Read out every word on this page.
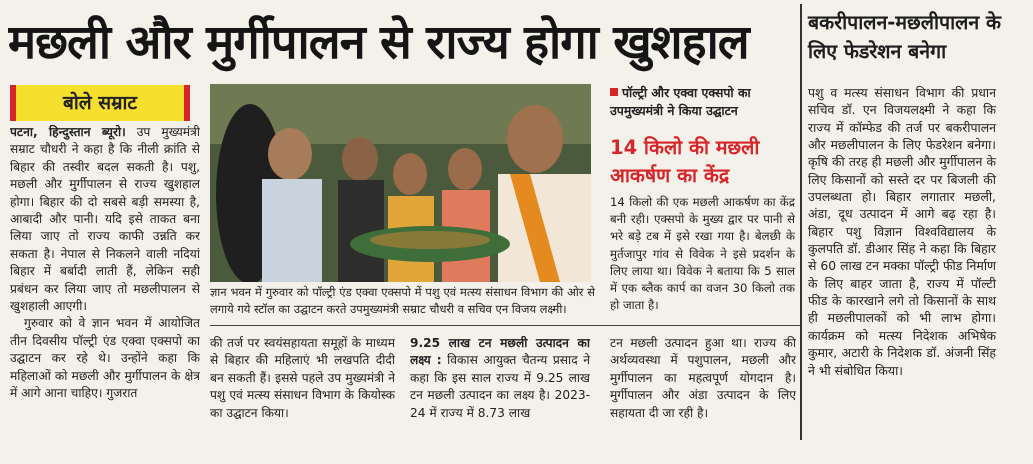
मछली और मुर्गीपालन से राज्य होगा खुशहाल	बकरीपालन-मछलीपालन के लिए फेडरेशन बनेगा
पशु व मत्स्य संसाधन विभाग की प्रधान सचिव डॉ. एन विजयलक्ष्मी ने कहा कि राज्य में कॉम्फेड की तर्ज पर बकरीपालन और मछलीपालन के लिए फेडरेशन बनेगा। कृषि की तरह ही मछली और मुर्गीपालन के लिए किसानों को सस्ते दर पर बिजली की उपलब्धता हो। बिहार लगातार मछली, अंडा, दूध उत्पादन में आगे बढ़ रहा है। बिहार पशु विज्ञान विश्वविद्यालय के कुलपति डॉ. डीआर सिंह ने कहा कि बिहार से 60 लाख टन मक्का पॉल्ट्री फीड निर्माण के लिए बाहर जाता है, राज्य में पॉल्टी फीड के कारखाने लगे तो किसानों के साथ ही मछलीपालकों को भी लाभ होगा। कार्यक्रम को मत्स्य निदेशक अभिषेक कुमार, अटारी के निदेशक डॉ. अंजनी सिंह ने भी संबोधित किया।
बोले सम्राट
पटना, हिन्दुस्तान ब्यूरो। उप मुख्यमंत्री सम्राट चौधरी ने कहा है कि नीली क्रांति से बिहार की तस्वीर बदल सकती है। पशु, मछली और मुर्गीपालन से राज्य खुशहाल होगा। बिहार की दो सबसे बड़ी समस्या है, आबादी और पानी। यदि इसे ताकत बना लिया जाए तो राज्य काफी उन्नति कर सकता है। नेपाल से निकलने वाली नदियां बिहार में बर्बादी लाती हैं, लेकिन सही प्रबंधन कर लिया जाए तो मछलीपालन से खुशहाली आएगी।
गुरुवार को वे ज्ञान भवन में आयोजित तीन दिवसीय पॉल्ट्री एंड एक्वा एक्सपो का उद्घाटन कर रहे थे। उन्होंने कहा कि महिलाओं को मछली और मुर्गीपालन के क्षेत्र में आगे आना चाहिए। गुजरात
ज्ञान भवन में गुरुवार को पॉल्ट्री एंड एक्वा एक्सपो में पशु एवं मत्स्य संसाधन विभाग की ओर से लगाये गये स्टॉल का उद्घाटन करते उपमुख्यमंत्री सम्राट चौधरी व सचिव एन विजय लक्ष्मी।
पॉल्ट्री और एक्वा एक्सपो का उपमुख्यमंत्री ने किया उद्घाटन
14 किलो की मछली आकर्षण का केंद्र
14 किलो की एक मछली आकर्षण का केंद्र बनी रही। एक्सपो के मुख्य द्वार पर पानी से भरे बड़े टब में इसे रखा गया है। बेलछी के मुर्तजापुर गांव से विवेक ने इसे प्रदर्शन के लिए लाया था। विवेक ने बताया कि 5 साल में एक ब्लैक कार्प का वजन 30 किलो तक हो जाता है।
की तर्ज पर स्वयंसहायता समूहों के माध्यम से बिहार की महिलाएं भी लखपति दीदी बन सकती हैं। इससे पहले उप मुख्यमंत्री ने पशु एवं मत्स्य संसाधन विभाग के कियोस्क का उद्घाटन किया।
9.25 लाख टन मछली उत्पादन का लक्ष्य : विकास आयुक्त चैतन्य प्रसाद ने कहा कि इस साल राज्य में 9.25 लाख टन मछली उत्पादन का लक्ष्य है। 2023-24 में राज्य में 8.73 लाख
टन मछली उत्पादन हुआ था। राज्य की अर्थव्यवस्था में पशुपालन, मछली और मुर्गीपालन का महत्वपूर्ण योगदान है। मुर्गीपालन और अंडा उत्पादन के लिए सहायता दी जा रही है।
